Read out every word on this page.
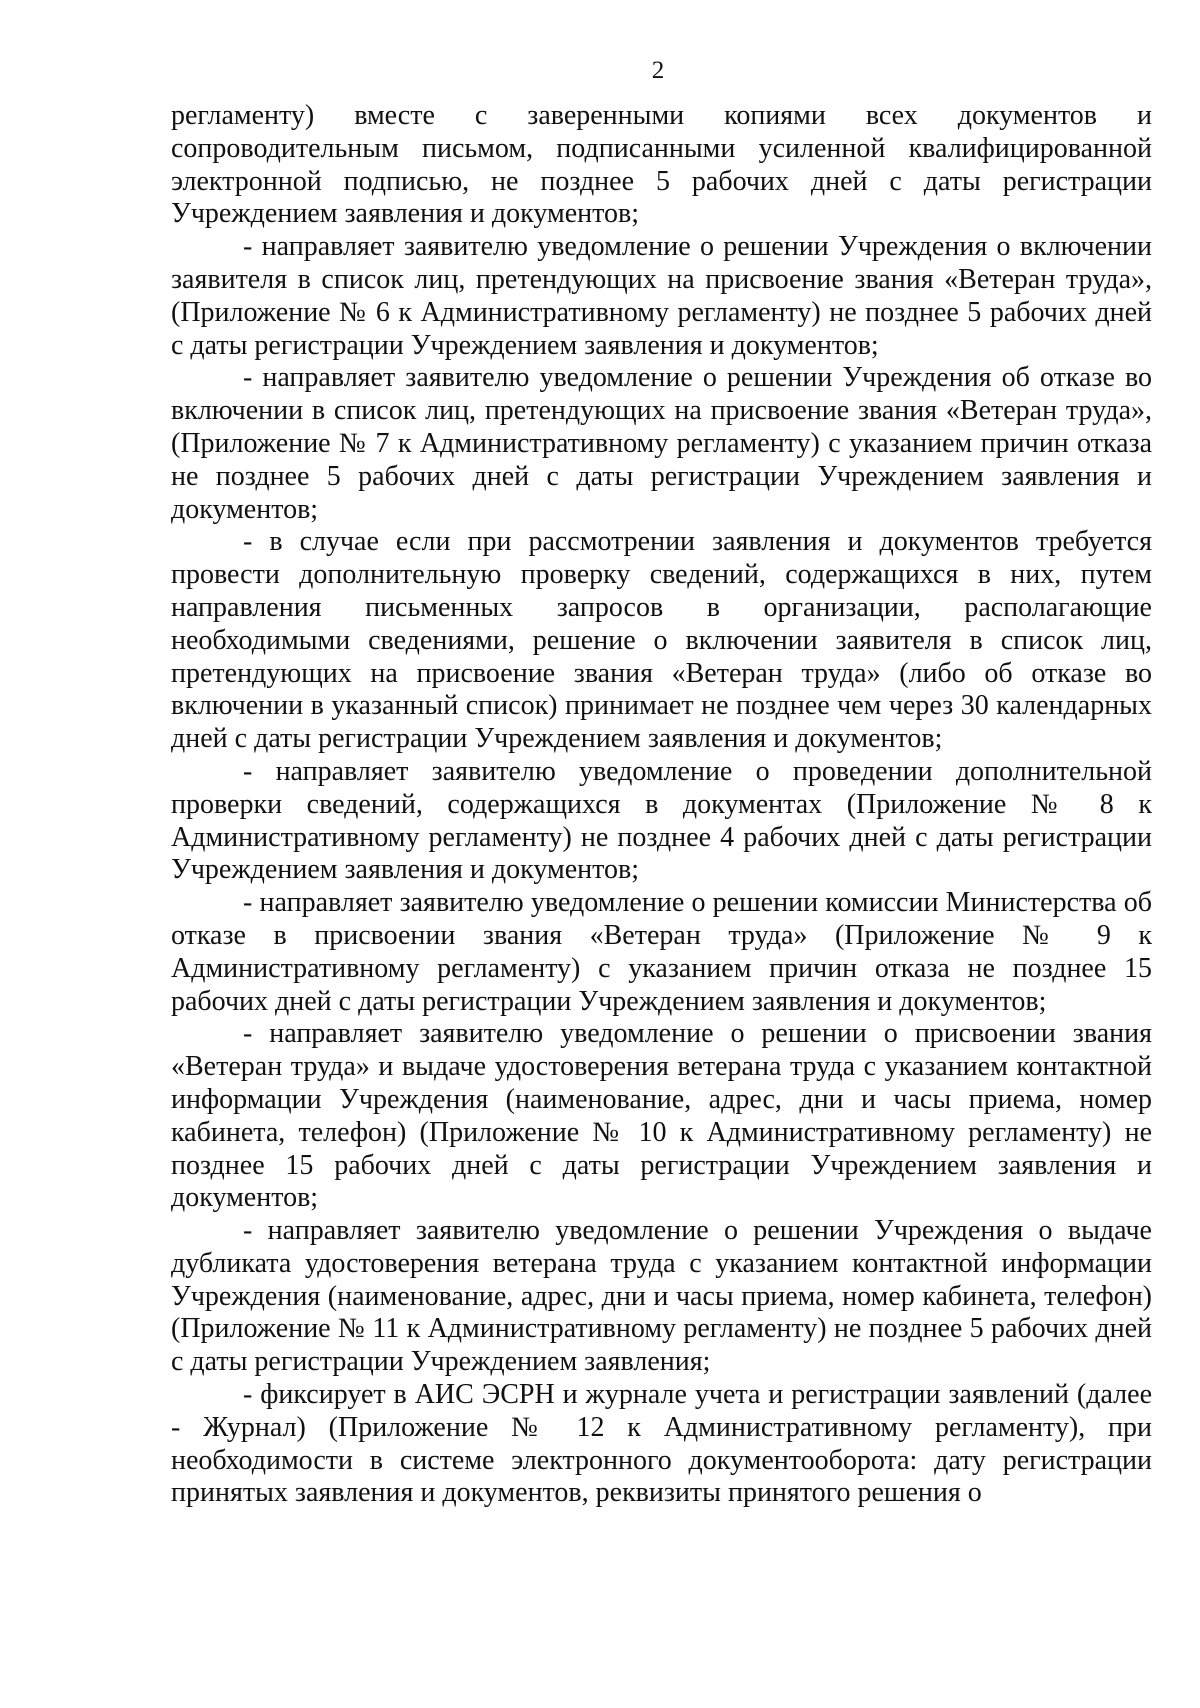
2

регламенту) вместе с заверенными копиями всех документов и сопроводительным письмом, подписанными усиленной квалифицированной электронной подписью, не позднее 5 рабочих дней с даты регистрации Учреждением заявления и документов;

- направляет заявителю уведомление о решении Учреждения о включении заявителя в список лиц, претендующих на присвоение звания «Ветеран труда», (Приложение № 6 к Административному регламенту) не позднее 5 рабочих дней с даты регистрации Учреждением заявления и документов;

- направляет заявителю уведомление о решении Учреждения об отказе во включении в список лиц, претендующих на присвоение звания «Ветеран труда», (Приложение № 7 к Административному регламенту) с указанием причин отказа не позднее 5 рабочих дней с даты регистрации Учреждением заявления и документов;

- в случае если при рассмотрении заявления и документов требуется провести дополнительную проверку сведений, содержащихся в них, путем направления письменных запросов в организации, располагающие необходимыми сведениями, решение о включении заявителя в список лиц, претендующих на присвоение звания «Ветеран труда» (либо об отказе во включении в указанный список) принимает не позднее чем через 30 календарных дней с даты регистрации Учреждением заявления и документов;

- направляет заявителю уведомление о проведении дополнительной проверки сведений, содержащихся в документах (Приложение № 8 к Административному регламенту) не позднее 4 рабочих дней с даты регистрации Учреждением заявления и документов;

- направляет заявителю уведомление о решении комиссии Министерства об отказе в присвоении звания «Ветеран труда» (Приложение № 9 к Административному регламенту) с указанием причин отказа не позднее 15 рабочих дней с даты регистрации Учреждением заявления и документов;

- направляет заявителю уведомление о решении о присвоении звания «Ветеран труда» и выдаче удостоверения ветерана труда с указанием контактной информации Учреждения (наименование, адрес, дни и часы приема, номер кабинета, телефон) (Приложение № 10 к Административному регламенту) не позднее 15 рабочих дней с даты регистрации Учреждением заявления и документов;

- направляет заявителю уведомление о решении Учреждения о выдаче дубликата удостоверения ветерана труда с указанием контактной информации Учреждения (наименование, адрес, дни и часы приема, номер кабинета, телефон) (Приложение № 11 к Административному регламенту) не позднее 5 рабочих дней с даты регистрации Учреждением заявления;

- фиксирует в АИС ЭСРН и журнале учета и регистрации заявлений (далее - Журнал) (Приложение № 12 к Административному регламенту), при необходимости в системе электронного документооборота: дату регистрации принятых заявления и документов, реквизиты принятого решения о
